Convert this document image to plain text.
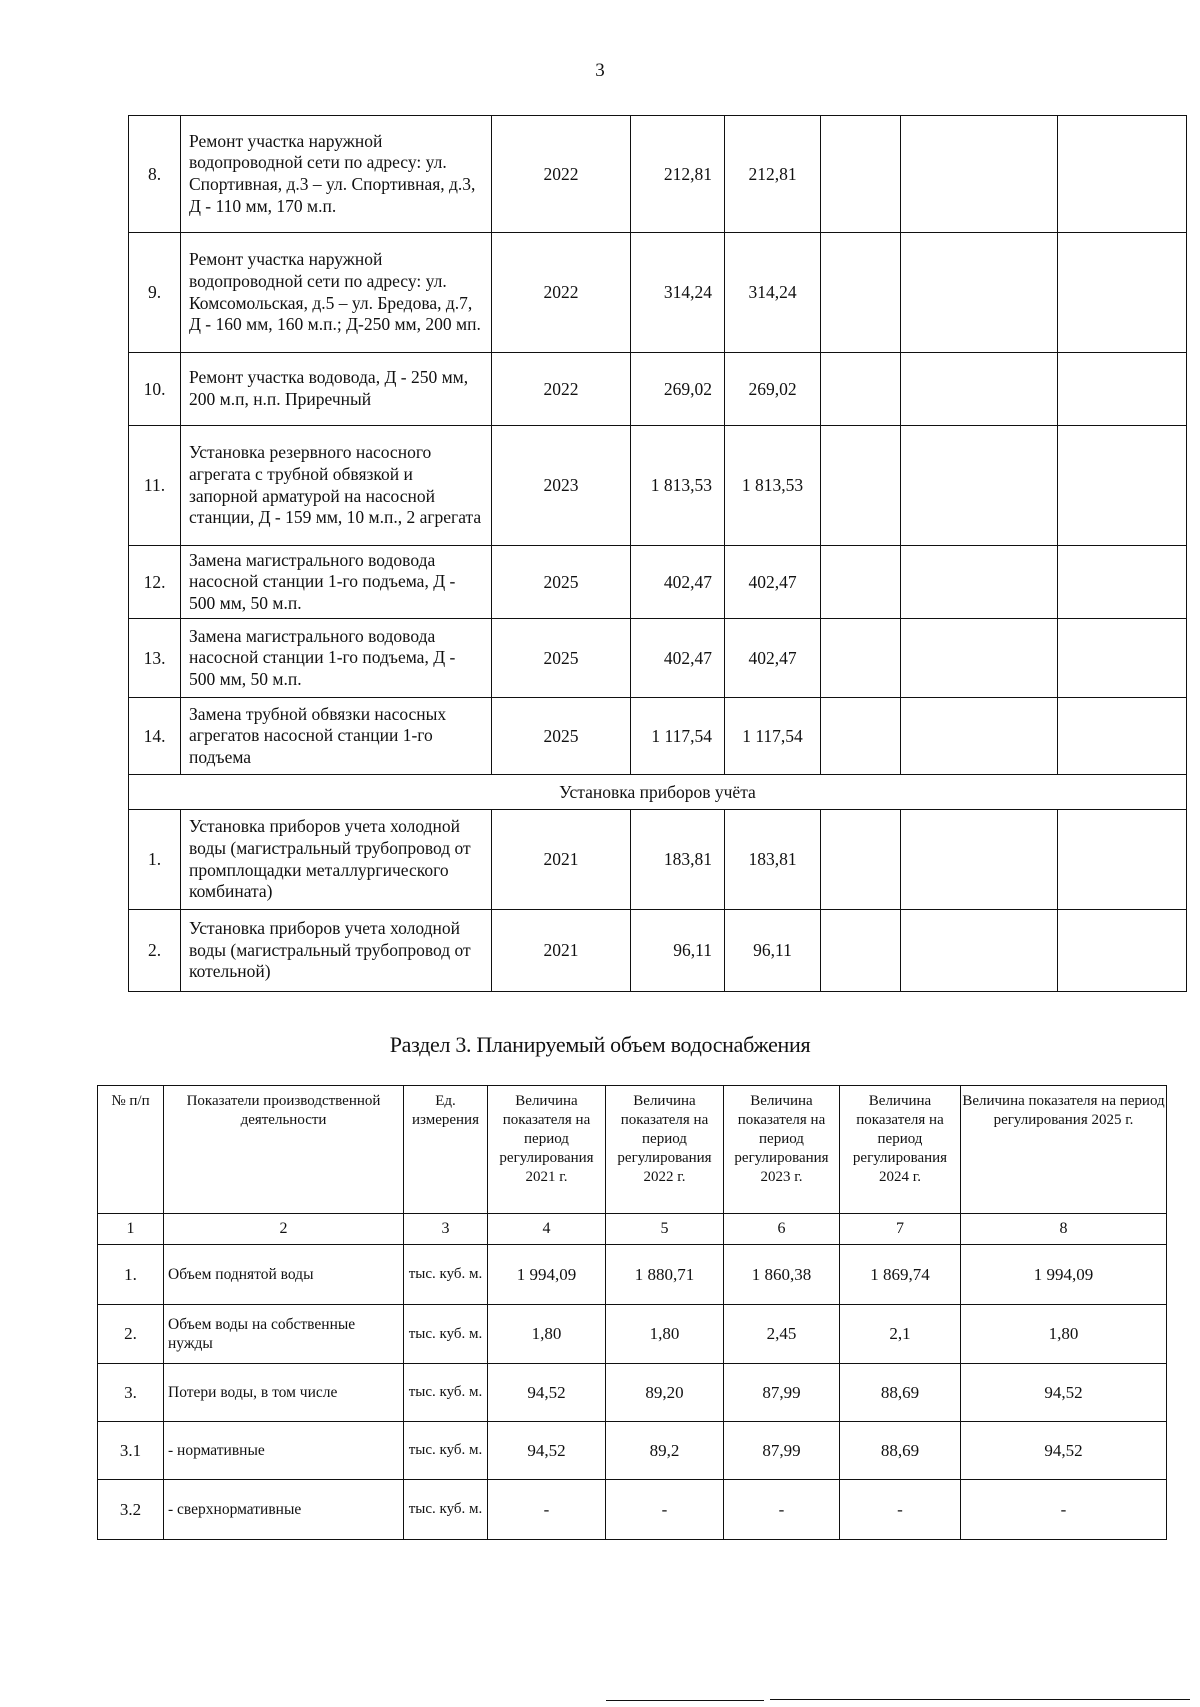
3
8.	Ремонт участка наружной водопроводной сети по адресу: ул. Спортивная, д.3 – ул. Спортивная, д.3, Д - 110 мм, 170 м.п.	2022	212,81	212,81			
9.	Ремонт участка наружной водопроводной сети по адресу: ул. Комсомольская, д.5 – ул. Бредова, д.7, Д - 160 мм, 160 м.п.; Д-250 мм, 200 мп.	2022	314,24	314,24			
10.	Ремонт участка водовода, Д - 250 мм, 200 м.п, н.п. Приречный	2022	269,02	269,02			
11.	Установка резервного насосного агрегата с трубной обвязкой и запорной арматурой на насосной станции, Д - 159 мм, 10 м.п., 2 агрегата	2023	1 813,53	1 813,53			
12.	Замена магистрального водовода насосной станции 1-го подъема, Д - 500 мм, 50 м.п.	2025	402,47	402,47			
13.	Замена магистрального водовода насосной станции 1-го подъема, Д - 500 мм, 50 м.п.	2025	402,47	402,47			
14.	Замена трубной обвязки насосных агрегатов насосной станции 1-го подъема	2025	1 117,54	1 117,54			
Установка приборов учёта							
1.	Установка приборов учета холодной воды (магистральный трубопровод от промплощадки металлургического комбината)	2021	183,81	183,81			
2.	Установка приборов учета холодной воды (магистральный трубопровод от котельной)	2021	96,11	96,11			
Раздел 3. Планируемый объем водоснабжения
№ п/п	Показатели производственной деятельности	Ед. измерения	Величина показателя на период регулирования 2021 г.	Величина показателя на период регулирования 2022 г.	Величина показателя на период регулирования 2023 г.	Величина показателя на период регулирования 2024 г.	Величина показателя на период регулирования 2025 г.
1	2	3	4	5	6	7	8
1.	Объем поднятой воды	тыс. куб. м.	1 994,09	1 880,71	1 860,38	1 869,74	1 994,09
2.	Объем воды на собственные нужды	тыс. куб. м.	1,80	1,80	2,45	2,1	1,80
3.	Потери воды, в том числе	тыс. куб. м.	94,52	89,20	87,99	88,69	94,52
3.1	- нормативные	тыс. куб. м.	94,52	89,2	87,99	88,69	94,52
3.2	- сверхнормативные	тыс. куб. м.	-	-	-	-	-
